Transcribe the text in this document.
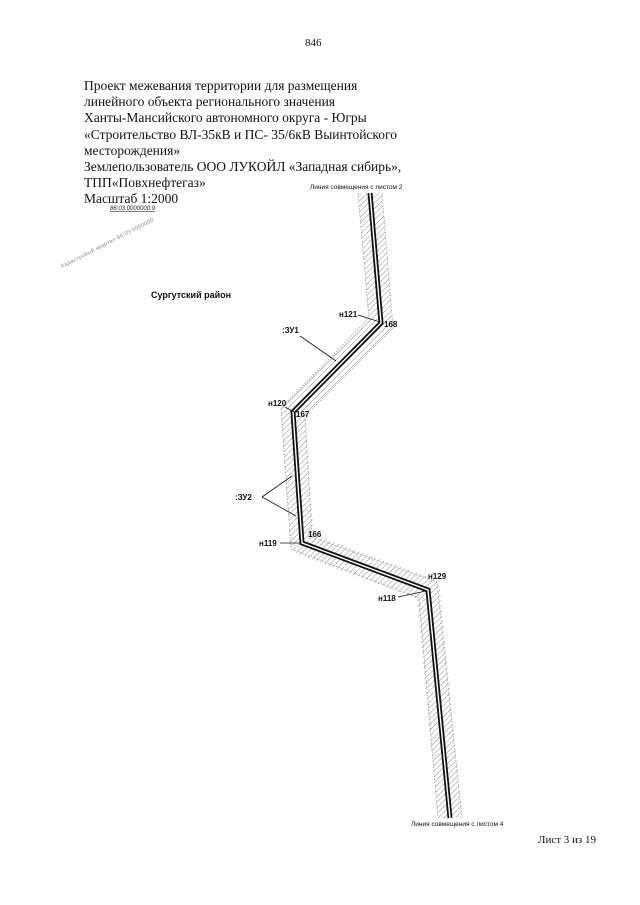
846
Проект межевания территории для размещения
линейного объекта регионального значения
Ханты-Мансийского автономного округа - Югры
«Строительство ВЛ-35кВ и ПС- 35/6кВ Выинтойского
месторождения»
Землепользователь ООО ЛУКОЙЛ «Западная сибирь»,
ТПП«Повхнефтегаз»
Масштаб 1:2000
н121
168
н120
167
н119
166
н129
н118
:ЗУ1
:ЗУ2
Сургутский район
Линия совмещения с листом 2
Линия совмещения с листом 4
86:03:0000000:9
Кадастровый квартал 86:03:0000000
Лист 3 из 19
